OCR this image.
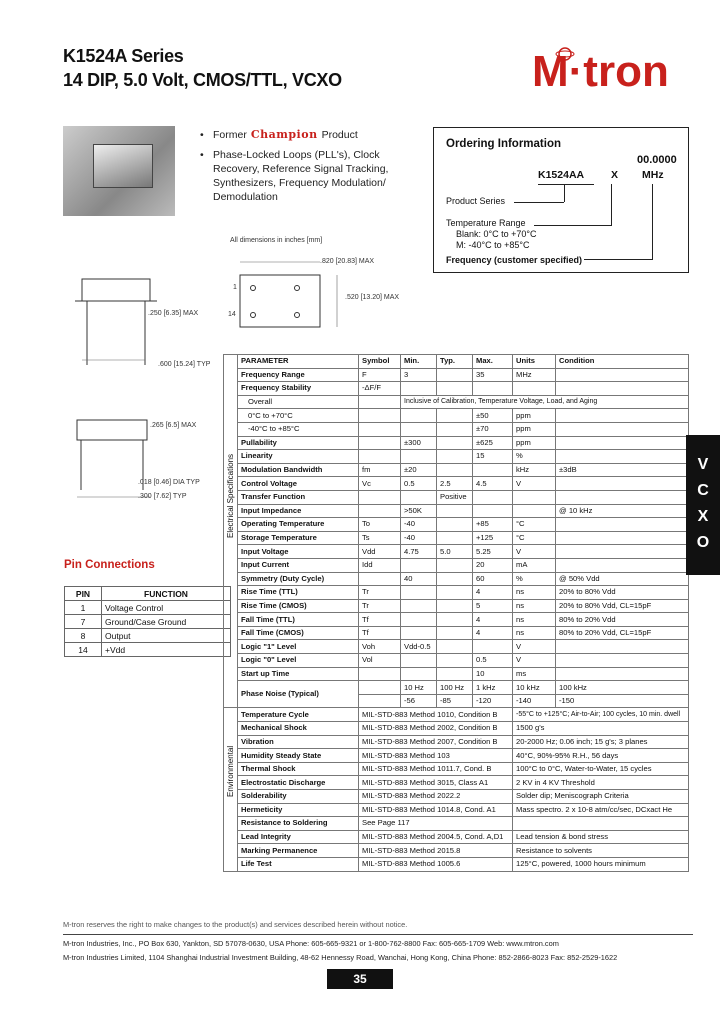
K1524A Series
14 DIP, 5.0 Volt, CMOS/TTL, VCXO	M·tron
• Former Champion Product
• Phase-Locked Loops (PLL's), Clock Recovery, Reference Signal Tracking, Synthesizers, Frequency Modulation/ Demodulation
Ordering Information
00.0000
K1524AA	X MHz
Product Series
Temperature Range
Blank: 0°C to +70°C
M: -40°C to +85°C
Frequency (customer specified)
.250 [6.35] MAX
.600 [15.24] TYP
.265 [6.5] MAX
.018 [0.46] DIA TYP
.300 [7.62] TYP
All dimensions in inches [mm]
.820 [20.83] MAX
.520 [13.20] MAX
1
14
Pin Connections
PIN	FUNCTION
1	Voltage Control
7	Ground/Case Ground
8	Output
14	+Vdd
Electrical Specifications	PARAMETER	Symbol	Min.	Typ.	Max.	Units	Condition	
	Frequency Range	F	3		35	MHz		
	Frequency Stability	-ΔF/F						
	Overall		Inclusive of Calibration, Temperature Voltage, Load, and Aging					
	0°C to +70°C				±50	ppm		
	-40°C to +85°C				±70	ppm		
	Pullability		±300		±625	ppm		
	Linearity				15	%		
	Modulation Bandwidth	fm	±20			kHz	±3dB	
	Control Voltage	Vc	0.5	2.5	4.5	V		
	Transfer Function			Positive				
	Input Impedance		>50K				@ 10 kHz	
	Operating Temperature	To	-40		+85	°C		
	Storage Temperature	Ts	-40		+125	°C		
	Input Voltage	Vdd	4.75	5.0	5.25	V		
	Input Current	Idd			20	mA		
	Symmetry (Duty Cycle)		40		60	%	@ 50% Vdd	
	Rise Time (TTL)	Tr			4	ns	20% to 80% Vdd	
	Rise Time (CMOS)	Tr			5	ns	20% to 80% Vdd, CL=15pF	
	Fall Time (TTL)	Tf			4	ns	80% to 20% Vdd	
	Fall Time (CMOS)	Tf			4	ns	80% to 20% Vdd, CL=15pF	
	Logic "1" Level	Voh	Vdd-0.5			V		
	Logic "0" Level	Vol			0.5	V		
	Start up Time				10	ms		
	Phase Noise (Typical)		10 Hz	100 Hz	1 kHz	10 kHz	100 kHz	
			-56	-85	-120	-140	-150	

Environmental	Temperature Cycle	MIL-STD-883 Method 1010, Condition B				-55°C to +125°C; Air-to-Air; 100 cycles, 10 min. dwell		
	Mechanical Shock	MIL-STD-883 Method 2002, Condition B				1500 g's		
	Vibration	MIL-STD-883 Method 2007, Condition B				20-2000 Hz; 0.06 inch; 15 g's; 3 planes		
	Humidity Steady State	MIL-STD-883 Method 103				40°C, 90%-95% R.H., 56 days		
	Thermal Shock	MIL-STD-883 Method 1011.7, Cond. B				100°C to 0°C, Water-to-Water, 15 cycles		
	Electrostatic Discharge	MIL-STD-883 Method 3015, Class A1				2 KV in 4 KV Threshold		
	Solderability	MIL-STD-883 Method 2022.2				Solder dip; Meniscograph Criteria		
	Hermeticity	MIL-STD-883 Method 1014.8, Cond. A1				Mass spectro. 2 x 10-8 atm/cc/sec, DCxact He		
	Resistance to Soldering	See Page 117						
	Lead Integrity	MIL-STD-883 Method 2004.5, Cond. A,D1				Lead tension & bond stress		
	Marking Permanence	MIL-STD-883 Method 2015.8				Resistance to solvents		
	Life Test	MIL-STD-883 Method 1005.6				125°C, powered, 1000 hours minimum		
V
C
X
O
M-tron reserves the right to make changes to the product(s) and services described herein without notice.
M-tron Industries, Inc., PO Box 630, Yankton, SD 57078-0630, USA Phone: 605-665-9321 or 1-800-762-8800 Fax: 605-665-1709 Web: www.mtron.com
M-tron Industries Limited, 1104 Shanghai Industrial Investment Building, 48-62 Hennessy Road, Wanchai, Hong Kong, China Phone: 852-2866-8023 Fax: 852-2529-1622
35
